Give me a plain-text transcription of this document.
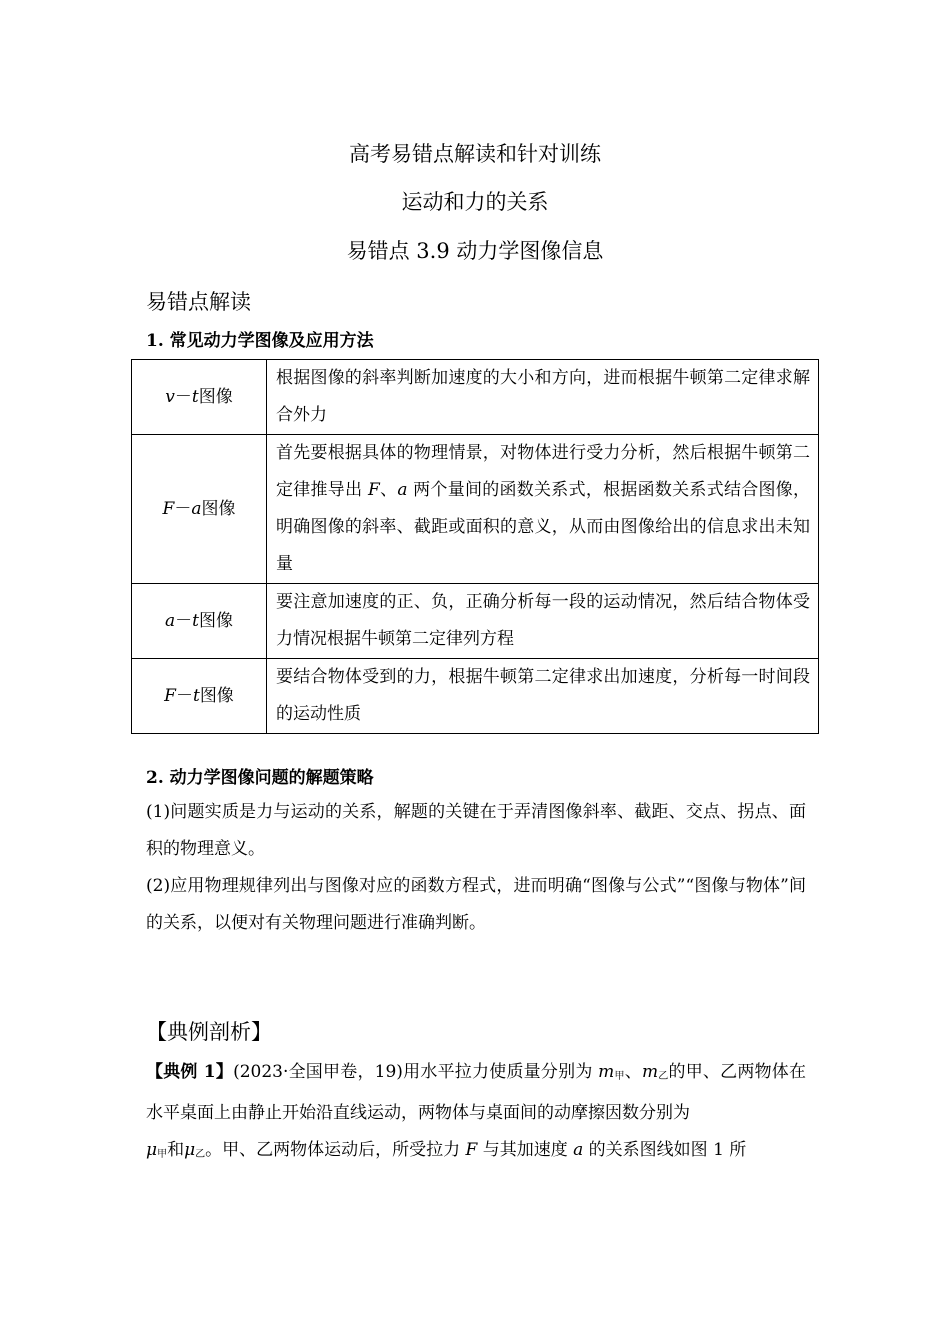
高考易错点解读和针对训练
运动和力的关系
易错点 3.9 动力学图像信息
易错点解读
1. 常见动力学图像及应用方法
v－t图像	根据图像的斜率判断加速度的大小和方向，进而根据牛顿第二定律求解合外力
F－a图像	首先要根据具体的物理情景，对物体进行受力分析，然后根据牛顿第二定律推导出 F、a 两个量间的函数关系式，根据函数关系式结合图像，明确图像的斜率、截距或面积的意义，从而由图像给出的信息求出未知量
a－t图像	要注意加速度的正、负，正确分析每一段的运动情况，然后结合物体受力情况根据牛顿第二定律列方程
F－t图像	要结合物体受到的力，根据牛顿第二定律求出加速度，分析每一时间段的运动性质
2. 动力学图像问题的解题策略
(1)问题实质是力与运动的关系，解题的关键在于弄清图像斜率、截距、交点、拐点、面积的物理意义。
(2)应用物理规律列出与图像对应的函数方程式，进而明确“图像与公式”“图像与物体”间的关系，以便对有关物理问题进行准确判断。
【典例剖析】
【典例 1】(2023·全国甲卷，19)用水平拉力使质量分别为 $m_甲$、$m_乙$的甲、乙两物体在水平桌面上由静止开始沿直线运动，两物体与桌面间的动摩擦因数分别为
$\mu_甲$和$\mu_乙$。甲、乙两物体运动后，所受拉力 F 与其加速度 a 的关系图线如图 1 所
